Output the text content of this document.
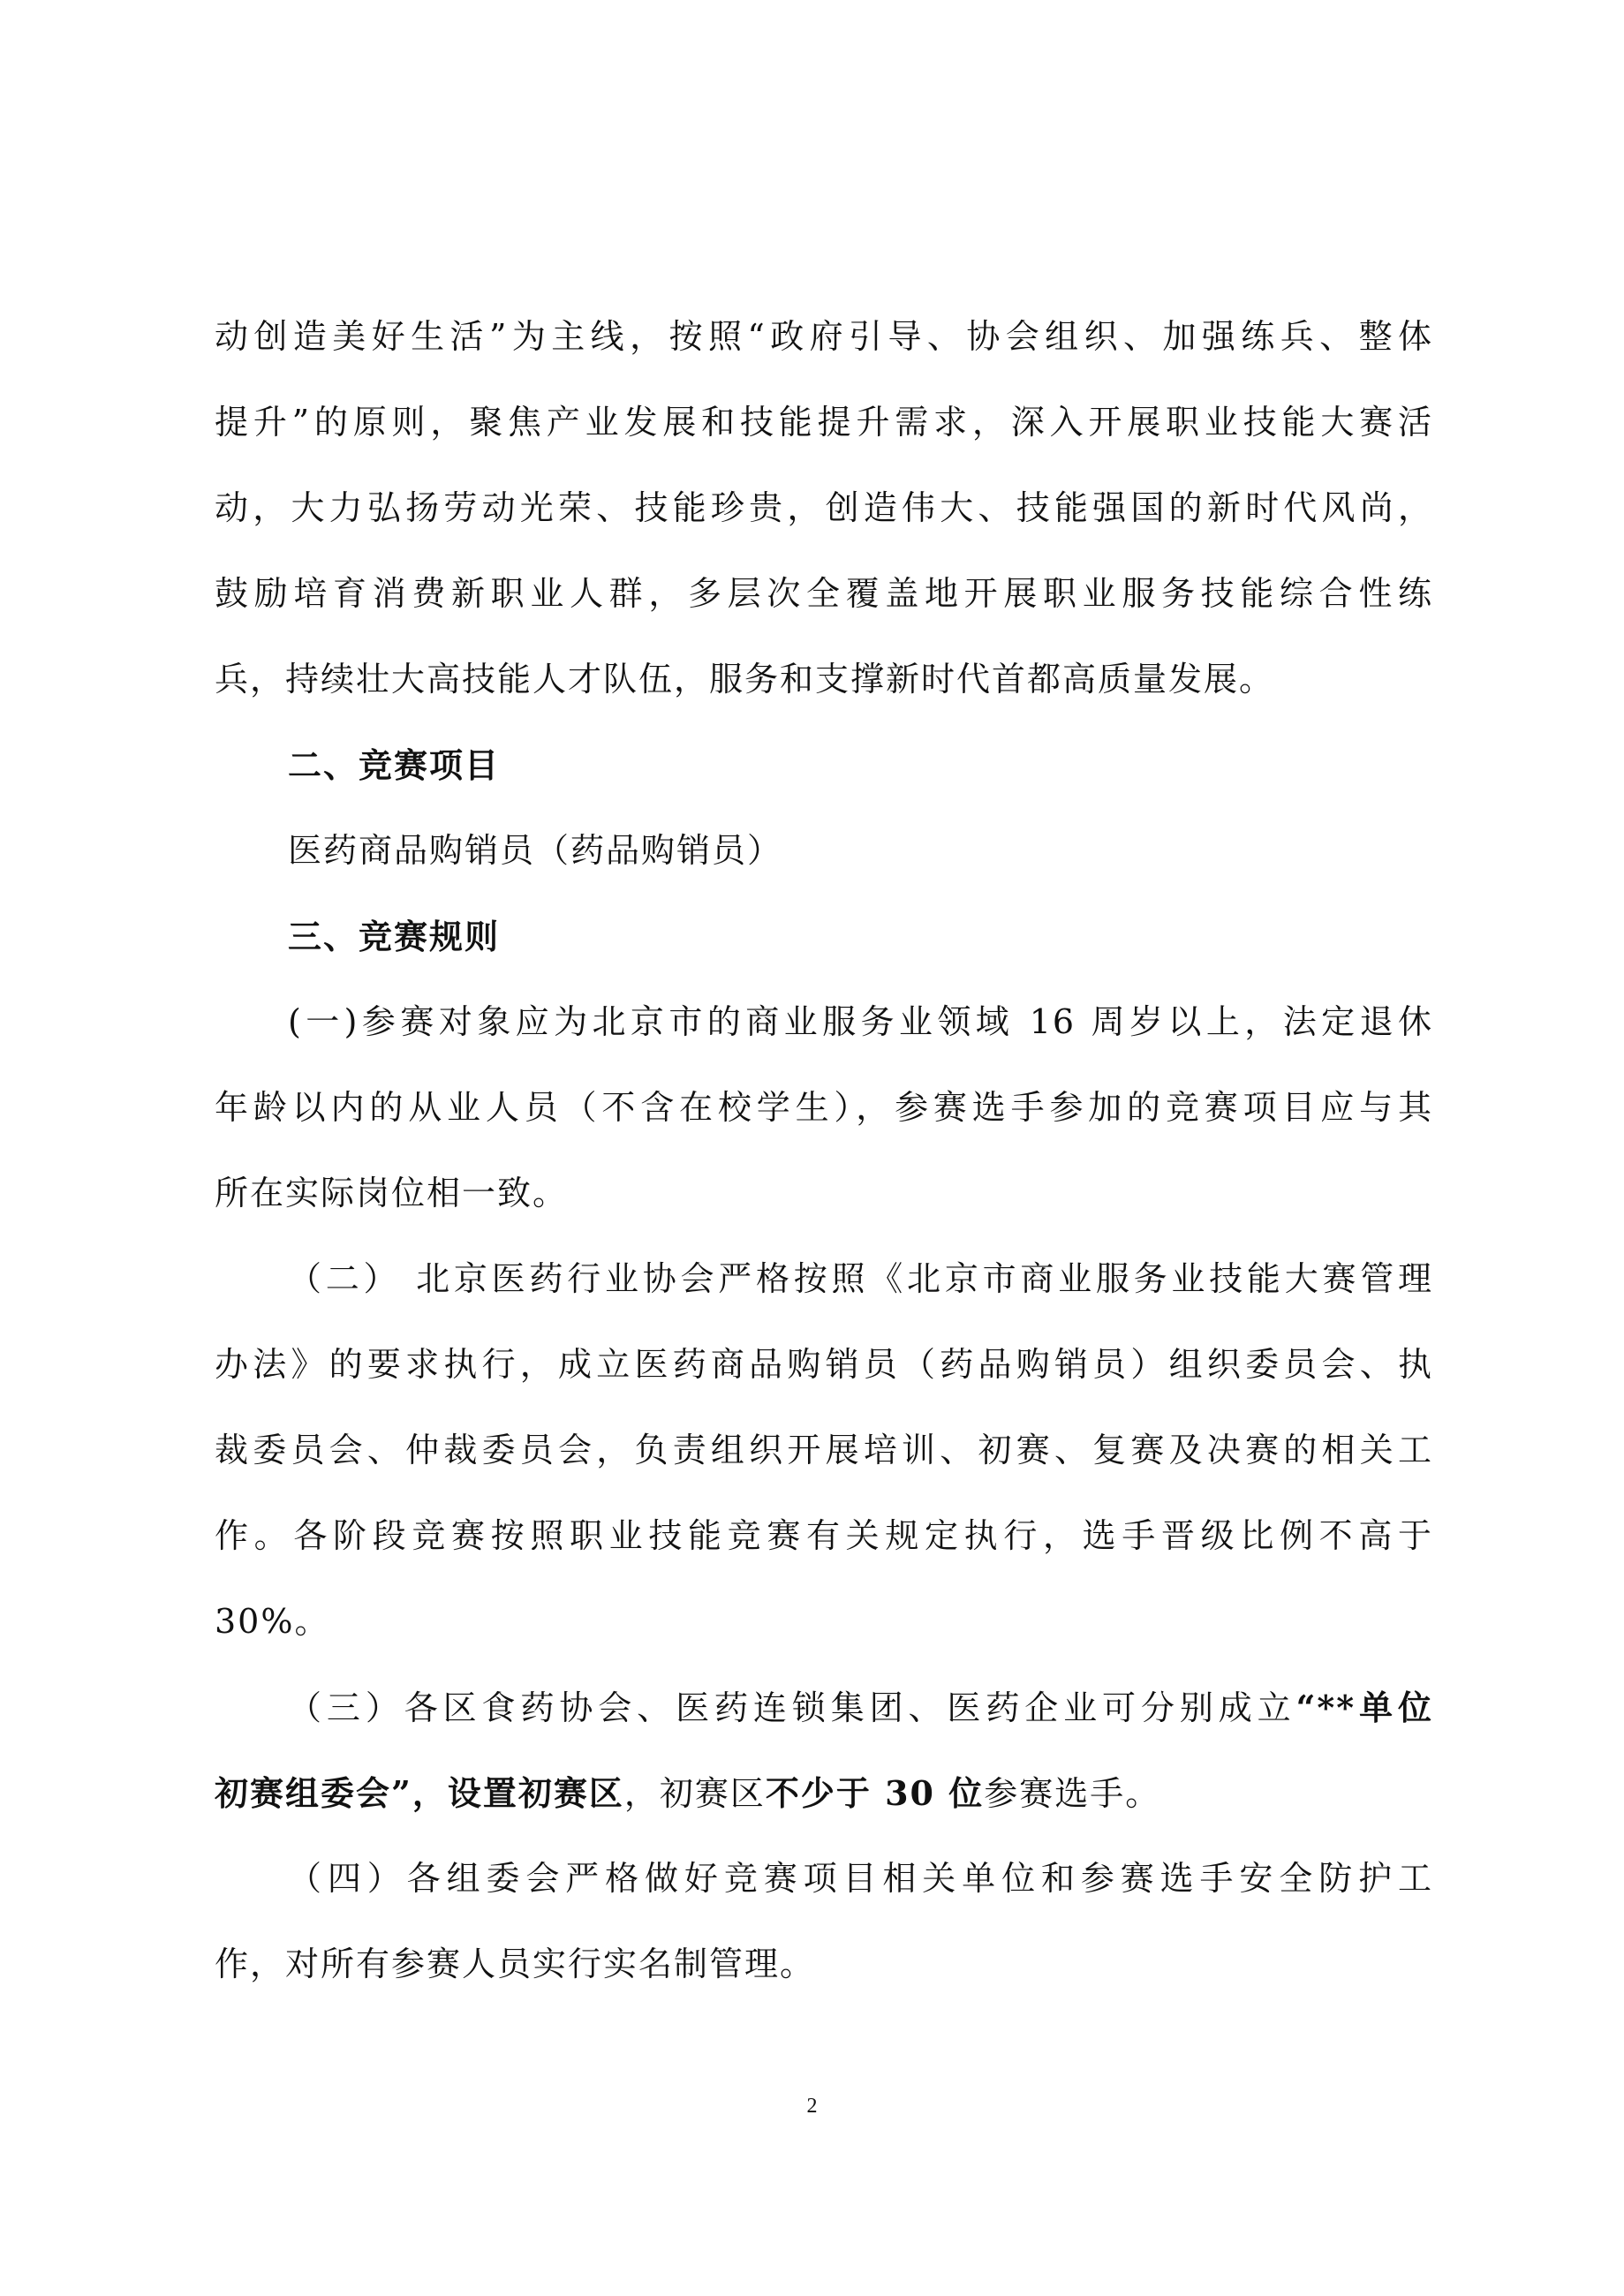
动创造美好生活”为主线，按照“政府引导、协会组织、加强练兵、整体
提升”的原则，聚焦产业发展和技能提升需求，深入开展职业技能大赛活
动，大力弘扬劳动光荣、技能珍贵，创造伟大、技能强国的新时代风尚，
鼓励培育消费新职业人群，多层次全覆盖地开展职业服务技能综合性练
兵，持续壮大高技能人才队伍，服务和支撑新时代首都高质量发展。
二、竞赛项目
医药商品购销员（药品购销员）
三、竞赛规则
(一)参赛对象应为北京市的商业服务业领域 16 周岁以上，法定退休
年龄以内的从业人员（不含在校学生），参赛选手参加的竞赛项目应与其
所在实际岗位相一致。
（二） 北京医药行业协会严格按照《北京市商业服务业技能大赛管理
办法》的要求执行，成立医药商品购销员（药品购销员）组织委员会、执
裁委员会、仲裁委员会，负责组织开展培训、初赛、复赛及决赛的相关工
作。各阶段竞赛按照职业技能竞赛有关规定执行，选手晋级比例不高于
30%。
（三）各区食药协会、医药连锁集团、医药企业可分别成立“**单位
初赛组委会”，设置初赛区，初赛区不少于 30 位参赛选手。
（四）各组委会严格做好竞赛项目相关单位和参赛选手安全防护工
作，对所有参赛人员实行实名制管理。
2
